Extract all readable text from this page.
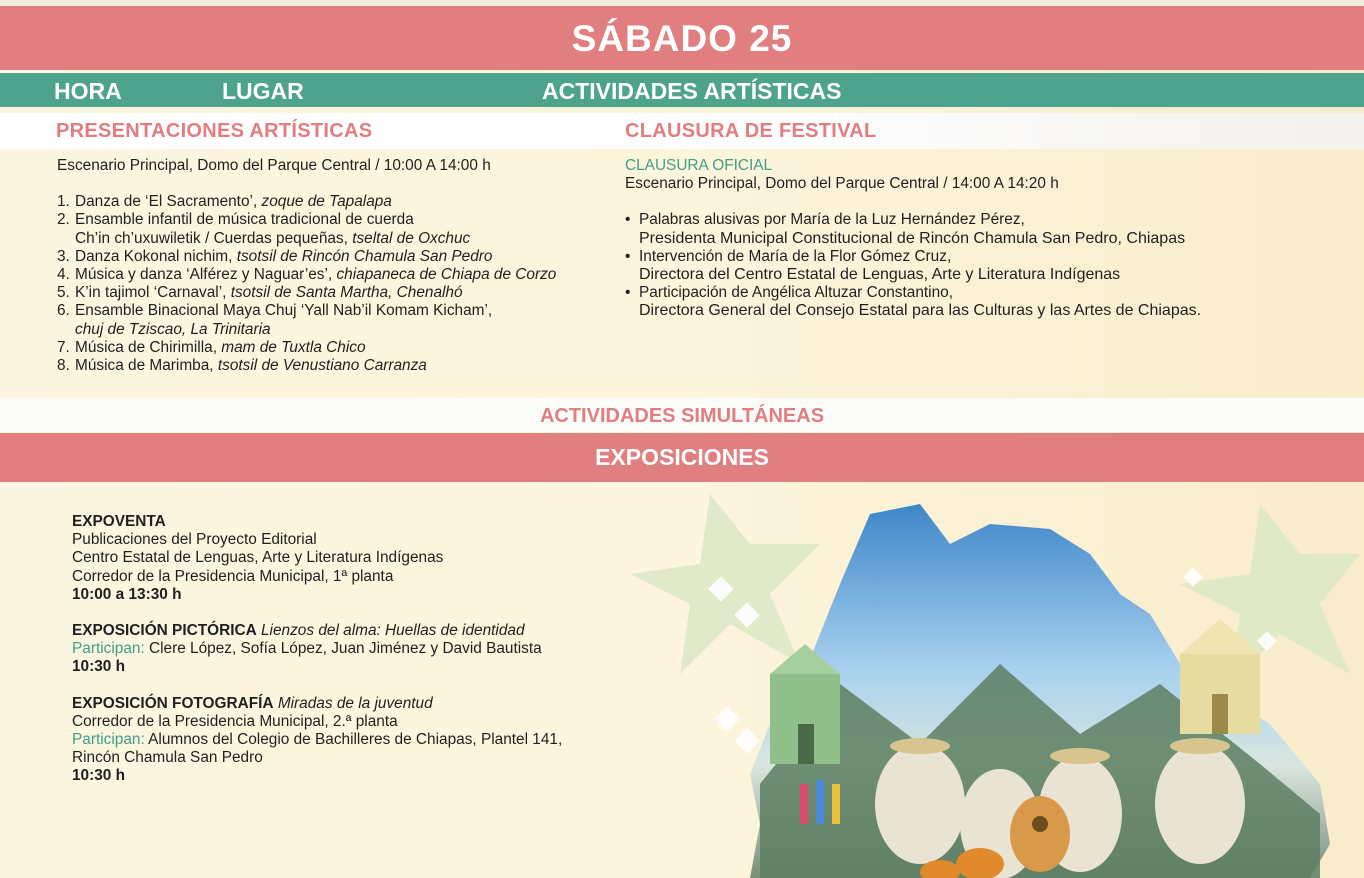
SÁBADO 25
HORA	LUGAR	ACTIVIDADES ARTÍSTICAS
PRESENTACIONES ARTÍSTICAS	CLAUSURA DE FESTIVAL
Escenario Principal, Domo del Parque Central / 10:00 A 14:00 h
1. Danza de ‘El Sacramento’, zoque de Tapalapa
2. Ensamble infantil de música tradicional de cuerda
Ch’in ch’uxuwiletik / Cuerdas pequeñas, tseltal de Oxchuc
3. Danza Kokonal nichim, tsotsil de Rincón Chamula San Pedro
4. Música y danza ‘Alférez y Naguar’es’, chiapaneca de Chiapa de Corzo
5. K’in tajimol ‘Carnaval’, tsotsil de Santa Martha, Chenalhó
6. Ensamble Binacional Maya Chuj ‘Yall Nab’il Komam Kicham’,
chuj de Tziscao, La Trinitaria
7. Música de Chirimilla, mam de Tuxtla Chico
8. Música de Marimba, tsotsil de Venustiano Carranza
CLAUSURA OFICIAL
Escenario Principal, Domo del Parque Central / 14:00 A 14:20 h
• Palabras alusivas por María de la Luz Hernández Pérez,
Presidenta Municipal Constitucional de Rincón Chamula San Pedro, Chiapas
• Intervención de María de la Flor Gómez Cruz,
Directora del Centro Estatal de Lenguas, Arte y Literatura Indígenas
• Participación de Angélica Altuzar Constantino,
Directora General del Consejo Estatal para las Culturas y las Artes de Chiapas.
ACTIVIDADES SIMULTÁNEAS
EXPOSICIONES
EXPOVENTA
Publicaciones del Proyecto Editorial
Centro Estatal de Lenguas, Arte y Literatura Indígenas
Corredor de la Presidencia Municipal, 1ª planta
10:00 a 13:30 h
EXPOSICIÓN PICTÓRICA Lienzos del alma: Huellas de identidad
Participan: Clere López, Sofía López, Juan Jiménez y David Bautista
10:30 h
EXPOSICIÓN FOTOGRAFÍA Miradas de la juventud
Corredor de la Presidencia Municipal, 2.ª planta
Participan: Alumnos del Colegio de Bachilleres de Chiapas, Plantel 141,
Rincón Chamula San Pedro
10:30 h
